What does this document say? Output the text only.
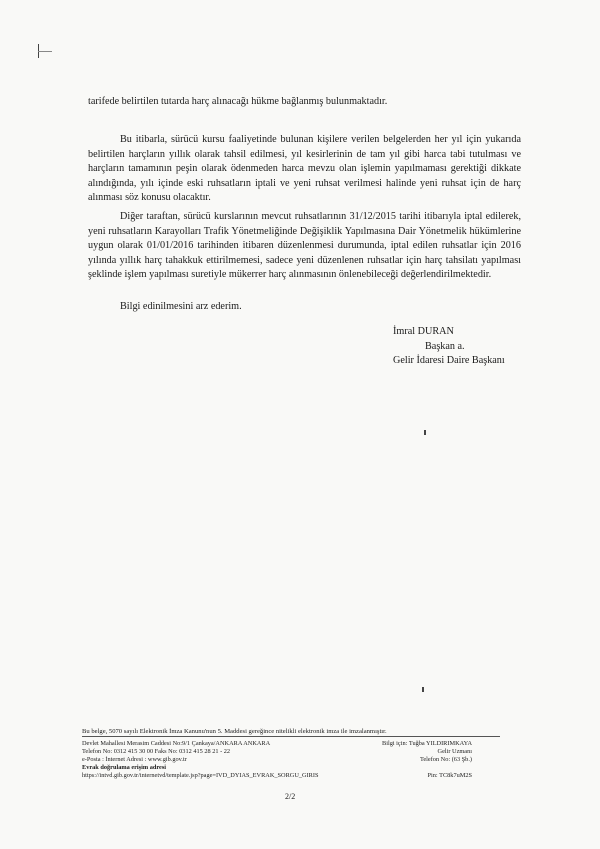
tarifede belirtilen tutarda harç alınacağı hükme bağlanmış bulunmaktadır.

Bu itibarla, sürücü kursu faaliyetinde bulunan kişilere verilen belgelerden her yıl için yukarıda belirtilen harçların yıllık olarak tahsil edilmesi, yıl kesirlerinin de tam yıl gibi harca tabi tutulması ve harçların tamamının peşin olarak ödenmeden harca mevzu olan işlemin yapılmaması gerektiği dikkate alındığında, yılı içinde eski ruhsatların iptali ve yeni ruhsat verilmesi halinde yeni ruhsat için de harç alınması söz konusu olacaktır.

Diğer taraftan, sürücü kurslarının mevcut ruhsatlarının 31/12/2015 tarihi itibarıyla iptal edilerek, yeni ruhsatların Karayolları Trafik Yönetmeliğinde Değişiklik Yapılmasına Dair Yönetmelik hükümlerine uygun olarak 01/01/2016 tarihinden itibaren düzenlenmesi durumunda, iptal edilen ruhsatlar için 2016 yılında yıllık harç tahakkuk ettirilmemesi, sadece yeni düzenlenen ruhsatlar için harç tahsilatı yapılması şeklinde işlem yapılması suretiyle mükerrer harç alınmasının önlenebileceği değerlendirilmektedir.

Bilgi edinilmesini arz ederim.

İmral DURAN
Başkan a.
Gelir İdaresi Daire Başkanı
Bu belge, 5070 sayılı Elektronik İmza Kanunu'nun 5. Maddesi gereğince nitelikli elektronik imza ile imzalanmıştır.
Devlet Mahallesi Merasim Caddesi No:9/1 Çankaya/ANKARA ANKARA	Bilgi için: Tuğba YILDIRIMKAYA
Telefon No: 0312 415 30 00 Faks No: 0312 415 28 21 - 22	Gelir Uzmanı
e-Posta : İnternet Adresi : www.gib.gov.tr	Telefon No: (63 Şb.)
Evrak doğrulama erişim adresi
https://intvd.gib.gov.tr/internetvd/template.jsp?page=IVD_DYIAS_EVRAK_SORGU_GIRIS	Pin: TC8k7uM2S
2/2
